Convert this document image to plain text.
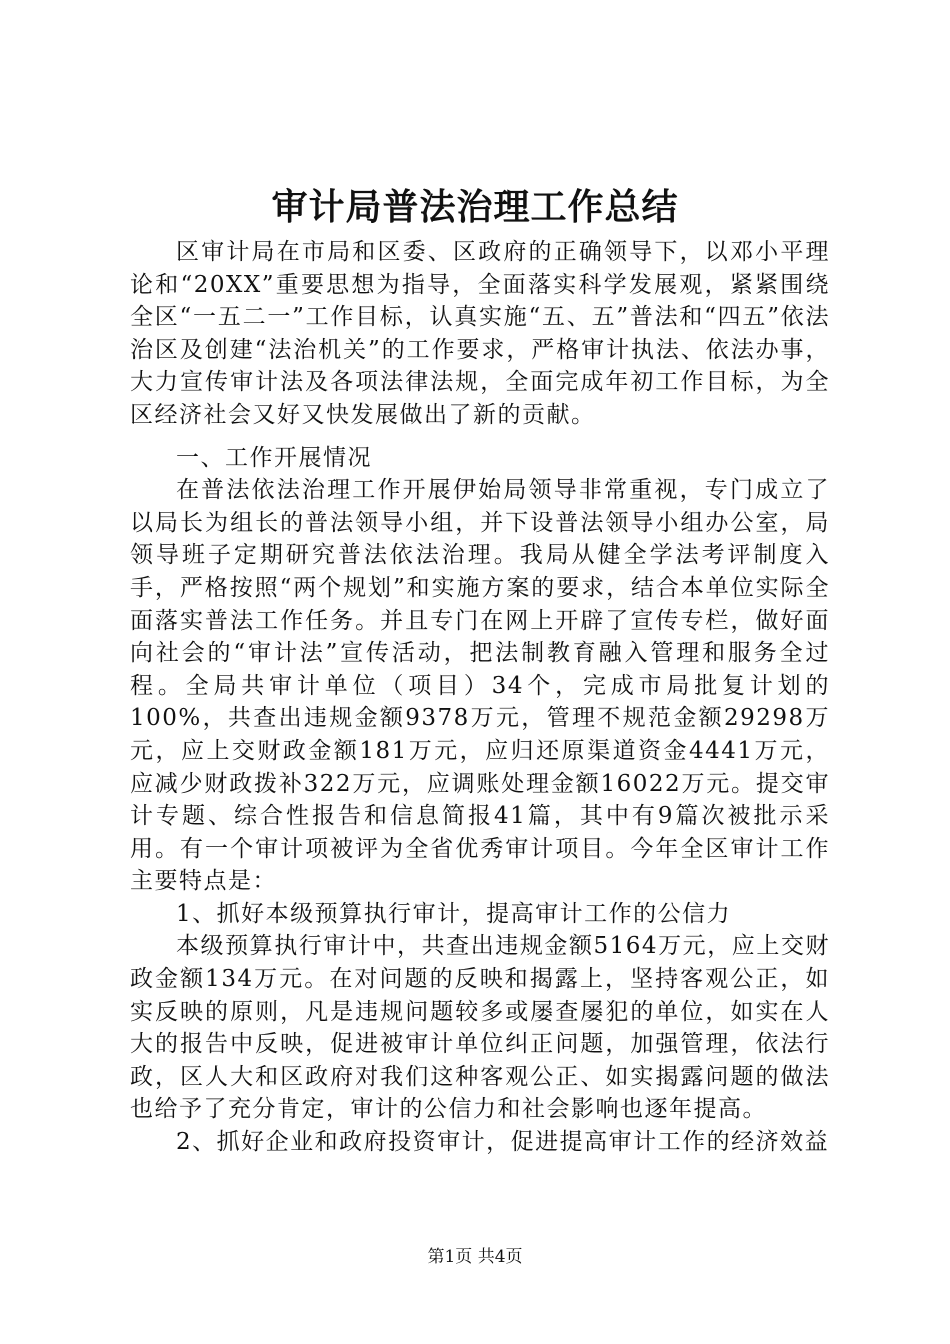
审计局普法治理工作总结

区审计局在市局和区委、区政府的正确领导下，以邓小平理论和“20XX”重要思想为指导，全面落实科学发展观，紧紧围绕全区“一五二一”工作目标，认真实施“五、五”普法和“四五”依法治区及创建“法治机关”的工作要求，严格审计执法、依法办事，大力宣传审计法及各项法律法规，全面完成年初工作目标，为全区经济社会又好又快发展做出了新的贡献。

一、工作开展情况

在普法依法治理工作开展伊始局领导非常重视，专门成立了以局长为组长的普法领导小组，并下设普法领导小组办公室，局领导班子定期研究普法依法治理。我局从健全学法考评制度入手，严格按照“两个规划”和实施方案的要求，结合本单位实际全面落实普法工作任务。并且专门在网上开辟了宣传专栏，做好面向社会的“审计法”宣传活动，把法制教育融入管理和服务全过程。全局共审计单位（项目）34个，完成市局批复计划的100%，共查出违规金额9378万元，管理不规范金额29298万元，应上交财政金额181万元，应归还原渠道资金4441万元，应减少财政拨补322万元，应调账处理金额16022万元。提交审计专题、综合性报告和信息简报41篇，其中有9篇次被批示采用。有一个审计项被评为全省优秀审计项目。今年全区审计工作主要特点是：

1、抓好本级预算执行审计，提高审计工作的公信力

本级预算执行审计中，共查出违规金额5164万元，应上交财政金额134万元。在对问题的反映和揭露上，坚持客观公正，如实反映的原则，凡是违规问题较多或屡查屡犯的单位，如实在人大的报告中反映，促进被审计单位纠正问题，加强管理，依法行政，区人大和区政府对我们这种客观公正、如实揭露问题的做法也给予了充分肯定，审计的公信力和社会影响也逐年提高。

2、抓好企业和政府投资审计，促进提高审计工作的经济效益

第1页 共4页
